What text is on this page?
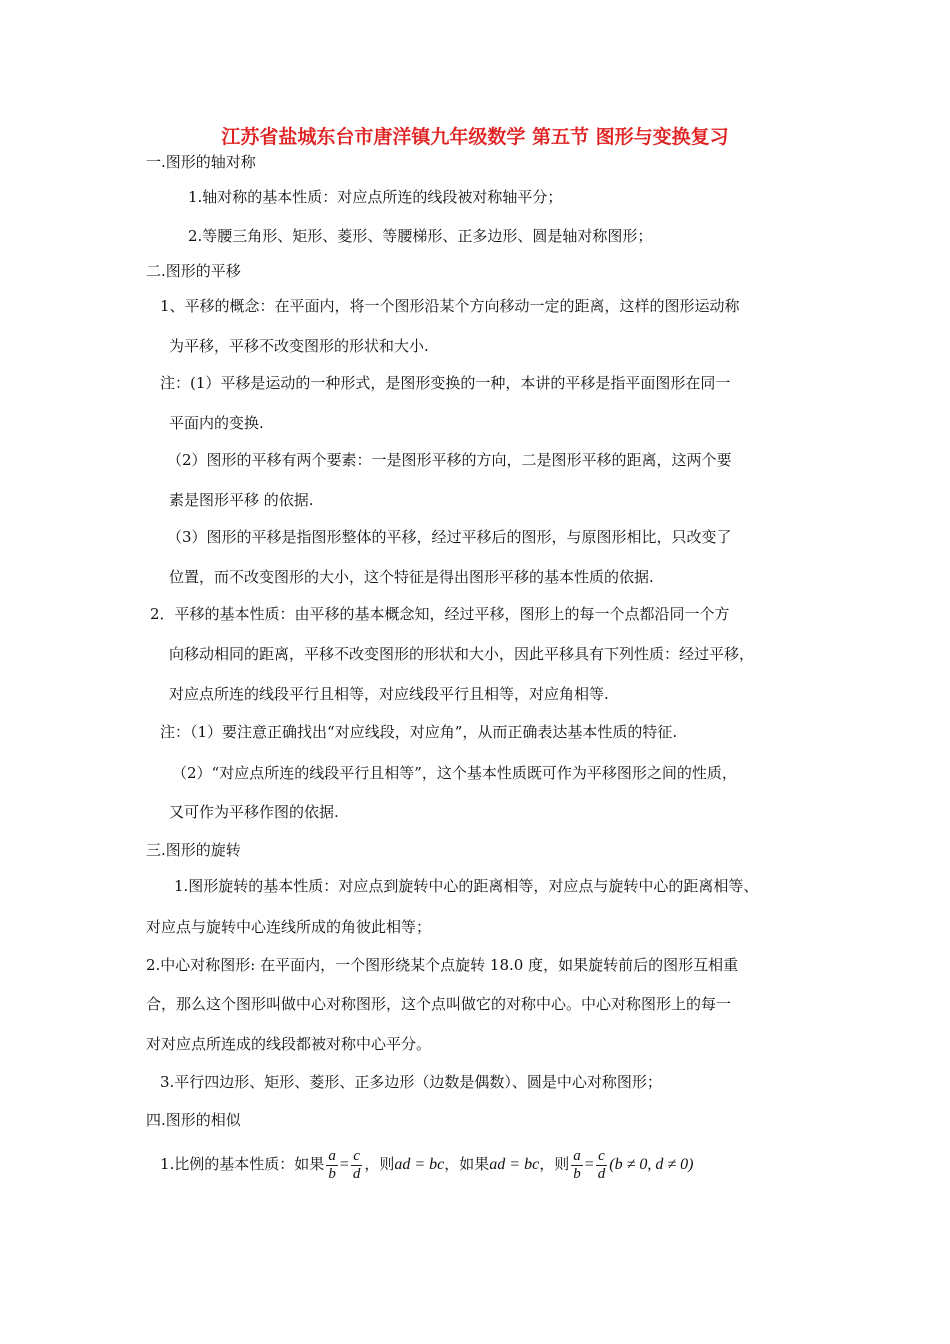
江苏省盐城东台市唐洋镇九年级数学 第五节 图形与变换复习
一.图形的轴对称
1.轴对称的基本性质：对应点所连的线段被对称轴平分；
2.等腰三角形、矩形、菱形、等腰梯形、正多边形、圆是轴对称图形；
二.图形的平移
1、平移的概念：在平面内，将一个图形沿某个方向移动一定的距离，这样的图形运动称
为平移，平移不改变图形的形状和大小.
注：(1）平移是运动的一种形式，是图形变换的一种，本讲的平移是指平面图形在同一
平面内的变换.
（2）图形的平移有两个要素：一是图形平移的方向，二是图形平移的距离，这两个要
素是图形平移 的依据.
（3）图形的平移是指图形整体的平移，经过平移后的图形，与原图形相比，只改变了
位置，而不改变图形的大小，这个特征是得出图形平移的基本性质的依据.
2．平移的基本性质：由平移的基本概念知，经过平移，图形上的每一个点都沿同一个方
向移动相同的距离，平移不改变图形的形状和大小，因此平移具有下列性质：经过平移，
对应点所连的线段平行且相等，对应线段平行且相等，对应角相等.
注：（1）要注意正确找出“对应线段，对应角”，从而正确表达基本性质的特征.
（2）“对应点所连的线段平行且相等”，这个基本性质既可作为平移图形之间的性质，
又可作为平移作图的依据.
三.图形的旋转
1.图形旋转的基本性质：对应点到旋转中心的距离相等，对应点与旋转中心的距离相等、
对应点与旋转中心连线所成的角彼此相等；
2.中心对称图形: 在平面内，一个图形绕某个点旋转 18.0 度，如果旋转前后的图形互相重
合，那么这个图形叫做中心对称图形，这个点叫做它的对称中心。中心对称图形上的每一
对对应点所连成的线段都被对称中心平分。
3.平行四边形、矩形、菱形、正多边形（边数是偶数）、圆是中心对称图形；
四.图形的相似
1.比例的基本性质：如果 $\frac{a}{b} = \frac{c}{d}$ ，则ad = bc，如果ad = bc，则 $\frac{a}{b} = \frac{c}{d} (b \ne 0$, d ≠ 0)
